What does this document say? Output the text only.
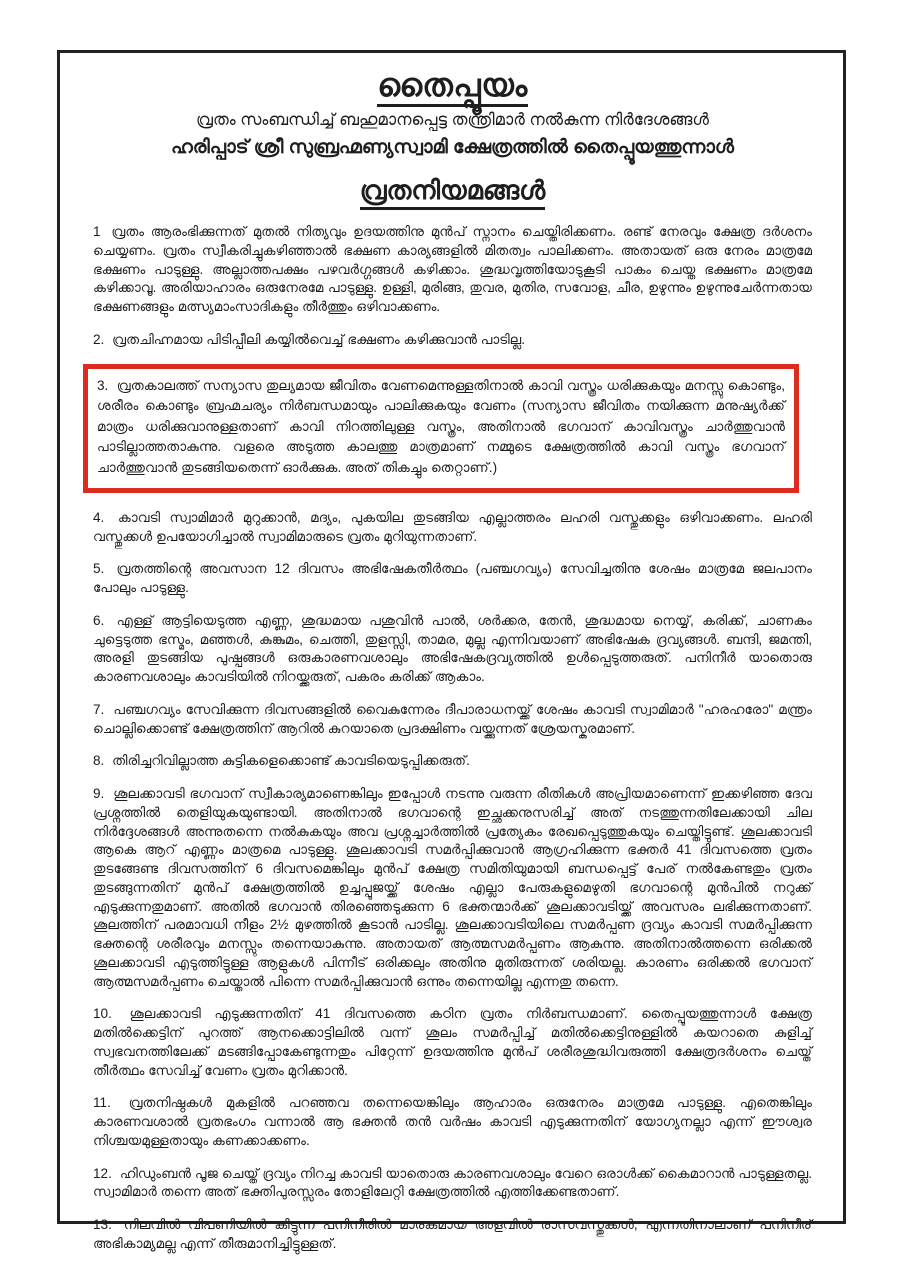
തൈപ്പൂയം

വ്രതം സംബന്ധിച്ച് ബഹുമാനപ്പെട്ട തന്ത്രിമാർ നൽകുന്ന നിർദേശങ്ങൾ

ഹരിപ്പാട് ശ്രീ സുബ്രഹ്മണ്യസ്വാമി ക്ഷേത്രത്തിൽ തൈപ്പൂയത്തുന്നാൾ

വ്രതനിയമങ്ങൾ

1 വ്രതം ആരംഭിക്കുന്നത് മുതൽ നിത്യവും ഉദയത്തിനു മുൻപ് സ്നാനം ചെയ്തിരിക്കണം. രണ്ട് നേരവും ക്ഷേത്ര ദർശനം ചെയ്യണം. വ്രതം സ്വീകരിച്ചുകഴിഞ്ഞാൽ ഭക്ഷണ കാര്യങ്ങളിൽ മിതത്വം പാലിക്കണം. അതായത് ഒരു നേരം മാത്രമേ ഭക്ഷണം പാടുള്ളു. അല്ലാത്തപക്ഷം പഴവർഗ്ഗങ്ങൾ കഴിക്കാം. ശുദ്ധവൃത്തിയോടുകൂടി പാകം ചെയ്ത ഭക്ഷണം മാത്രമേ കഴിക്കാവൂ. അരിയാഹാരം ഒരുനേരമേ പാടുള്ളു. ഉള്ളി, മുരിങ്ങ, തുവര, മുതിര, സവോള, ചീര, ഉഴുന്നും ഉഴുന്നുചേർന്നതായ ഭക്ഷണങ്ങളും മത്സ്യമാംസാദികളും തീർത്തും ഒഴിവാക്കണം.

2. വ്രതചിഹ്നമായ പിടിപ്പീലി കയ്യിൽവെച്ച് ഭക്ഷണം കഴിക്കുവാൻ പാടില്ല.

3. വ്രതകാലത്ത് സന്യാസ തുല്യമായ ജീവിതം വേണമെന്നുള്ളതിനാൽ കാവി വസ്ത്രം ധരിക്കുകയും മനസ്സു കൊണ്ടും, ശരീരം കൊണ്ടും ബ്രഹ്മചര്യം നിർബന്ധമായും പാലിക്കുകയും വേണം (സന്യാസ ജീവിതം നയിക്കുന്ന മനുഷ്യർക്ക് മാത്രം ധരിക്കുവാനുള്ളതാണ് കാവി നിറത്തിലുള്ള വസ്ത്രം, അതിനാൽ ഭഗവാന് കാവിവസ്ത്രം ചാർത്തുവാൻ പാടില്ലാത്തതാകുന്നു. വളരെ അടുത്ത കാലത്തു മാത്രമാണ് നമ്മുടെ ക്ഷേത്രത്തിൽ കാവി വസ്ത്രം ഭഗവാന് ചാർത്തുവാൻ തുടങ്ങിയതെന്ന് ഓർക്കുക. അത് തികച്ചും തെറ്റാണ്.)

4. കാവടി സ്വാമിമാർ മുറുക്കാൻ, മദ്യം, പുകയില തുടങ്ങിയ എല്ലാത്തരം ലഹരി വസ്തുക്കളും ഒഴിവാക്കണം. ലഹരി വസ്തുക്കൾ ഉപയോഗിച്ചാൽ സ്വാമിമാരുടെ വ്രതം മുറിയുന്നതാണ്.

5. വ്രതത്തിന്റെ അവസാന 12 ദിവസം അഭിഷേകതീർത്ഥം (പഞ്ചഗവ്യം) സേവിച്ചതിനു ശേഷം മാത്രമേ ജലപാനം പോലും പാടുള്ളു.

6. എള്ള് ആട്ടിയെടുത്ത എണ്ണ, ശുദ്ധമായ പശുവിൻ പാൽ, ശർക്കര, തേൻ, ശുദ്ധമായ നെയ്യ്, കരിക്ക്, ചാണകം ചുട്ടെടുത്ത ഭസ്മം, മഞ്ഞൾ, കുങ്കുമം, ചെത്തി, തുളസ്സി, താമര, മുല്ല എന്നിവയാണ് അഭിഷേക ദ്രവ്യങ്ങൾ. ബന്ദി, ജമന്തി, അരളി തുടങ്ങിയ പുഷ്പങ്ങൾ ഒരുകാരണവശാലും അഭിഷേകദ്രവ്യത്തിൽ ഉൾപ്പെടുത്തരുത്. പനിനീർ യാതൊരു കാരണവശാലും കാവടിയിൽ നിറയ്ക്കരുത്, പകരം കരിക്ക് ആകാം.

7. പഞ്ചഗവ്യം സേവിക്കുന്ന ദിവസങ്ങളിൽ വൈകുന്നേരം ദീപാരാധനയ്ക്ക് ശേഷം കാവടി സ്വാമിമാർ "ഹരഹരോ" മന്ത്രം ചൊല്ലിക്കൊണ്ട് ക്ഷേത്രത്തിന് ആറിൽ കുറയാതെ പ്രദക്ഷിണം വയ്ക്കുന്നത് ശ്രേയസ്കരമാണ്.

8. തിരിച്ചറിവില്ലാത്ത കുട്ടികളെക്കൊണ്ട് കാവടിയെടുപ്പിക്കരുത്.

9. ശൂലക്കാവടി ഭഗവാന് സ്വീകാര്യമാണെങ്കിലും ഇപ്പോൾ നടന്നു വരുന്ന രീതികൾ അപ്രിയമാണെന്ന് ഇക്കഴിഞ്ഞ ദേവ പ്രശ്നത്തിൽ തെളിയുകയുണ്ടായി. അതിനാൽ ഭഗവാന്റെ ഇച്ഛക്കനുസരിച്ച് അത് നടത്തുന്നതിലേക്കായി ചില നിർദ്ദേശങ്ങൾ അന്നുതന്നെ നൽകുകയും അവ പ്രശ്നച്ചാർത്തിൽ പ്രത്യേകം രേഖപ്പെടുത്തുകയും ചെയ്തിട്ടുണ്ട്. ശൂലക്കാവടി ആകെ ആറ് എണ്ണം മാത്രമെ പാടുള്ളു. ശൂലക്കാവടി സമർപ്പിക്കുവാൻ ആഗ്രഹിക്കുന്ന ഭക്തർ 41 ദിവസത്തെ വ്രതം തുടങ്ങേണ്ട ദിവസത്തിന് 6 ദിവസമെങ്കിലും മുൻപ് ക്ഷേത്ര സമിതിയുമായി ബന്ധപ്പെട്ട് പേര് നൽകേണ്ടതും വ്രതം തുടങ്ങുന്നതിന് മുൻപ് ക്ഷേത്രത്തിൽ ഉച്ചപ്പൂജയ്ക്ക് ശേഷം എല്ലാ പേരുകളുമെഴുതി ഭഗവാന്റെ മുൻപിൽ നറുക്ക് എടുക്കുന്നതുമാണ്. അതിൽ ഭഗവാൻ തിരഞ്ഞെടുക്കുന്ന 6 ഭക്തന്മാർക്ക് ശൂലക്കാവടിയ്ക്ക് അവസരം ലഭിക്കുന്നതാണ്. ശൂലത്തിന് പരമാവധി നീളം 2½ മുഴത്തിൽ കൂടാൻ പാടില്ല. ശൂലക്കാവടിയിലെ സമർപ്പണ ദ്രവ്യം കാവടി സമർപ്പിക്കുന്ന ഭക്തന്റെ ശരീരവും മനസ്സും തന്നെയാകുന്നു. അതായത് ആത്മസമർപ്പണം ആകുന്നു. അതിനാൽത്തന്നെ ഒരിക്കൽ ശൂലക്കാവടി എടുത്തിട്ടുള്ള ആളുകൾ പിന്നീട് ഒരിക്കലും അതിനു മുതിരുന്നത് ശരിയല്ല. കാരണം ഒരിക്കൽ ഭഗവാന് ആത്മസമർപ്പണം ചെയ്താൽ പിന്നെ സമർപ്പിക്കുവാൻ ഒന്നും തന്നെയില്ല എന്നതു തന്നെ.

10. ശൂലക്കാവടി എടുക്കുന്നതിന് 41 ദിവസത്തെ കഠിന വ്രതം നിർബന്ധമാണ്. തൈപ്പൂയത്തുന്നാൾ ക്ഷേത്ര മതിൽക്കെട്ടിന് പുറത്ത് ആനക്കൊട്ടിലിൽ വന്ന് ശൂലം സമർപ്പിച്ച് മതിൽക്കെട്ടിനുള്ളിൽ കയറാതെ കുളിച്ച് സ്വഭവനത്തിലേക്ക് മടങ്ങിപ്പോകേണ്ടുന്നതും പിറ്റേന്ന് ഉദയത്തിനു മുൻപ് ശരീരശുദ്ധിവരുത്തി ക്ഷേത്രദർശനം ചെയ്ത് തീർത്ഥം സേവിച്ച് വേണം വ്രതം മുറിക്കാൻ.

11. വ്രതനിഷ്ഠകൾ മുകളിൽ പറഞ്ഞവ തന്നെയെങ്കിലും ആഹാരം ഒരുനേരം മാത്രമേ പാടുള്ളു. എതെങ്കിലും കാരണവശാൽ വ്രതഭംഗം വന്നാൽ ആ ഭക്തൻ തൻ വർഷം കാവടി എടുക്കുന്നതിന് യോഗ്യനല്ലാ എന്ന് ഈശ്വര നിശ്ചയമുള്ളതായും കണക്കാക്കണം.

12. ഹിഡുംബൻ പൂജ ചെയ്ത് ദ്രവ്യം നിറച്ച കാവടി യാതൊരു കാരണവശാലും വേറെ ഒരാൾക്ക് കൈമാറാൻ പാടുള്ളതല്ല. സ്വാമിമാർ തന്നെ അത് ഭക്തിപുരസ്സരം തോളിലേറ്റി ക്ഷേത്രത്തിൽ എത്തിക്കേണ്ടതാണ്.

13. നിലവിൽ വിപണിയിൽ കിട്ടുന്ന പനിനീരിൽ മാരകമായ അളവിൽ രാസവസ്തുക്കൾ, എന്നതിനാലാണ് പനിനീര് അഭികാമ്യമല്ല എന്ന് തീരുമാനിച്ചിട്ടുള്ളത്.
